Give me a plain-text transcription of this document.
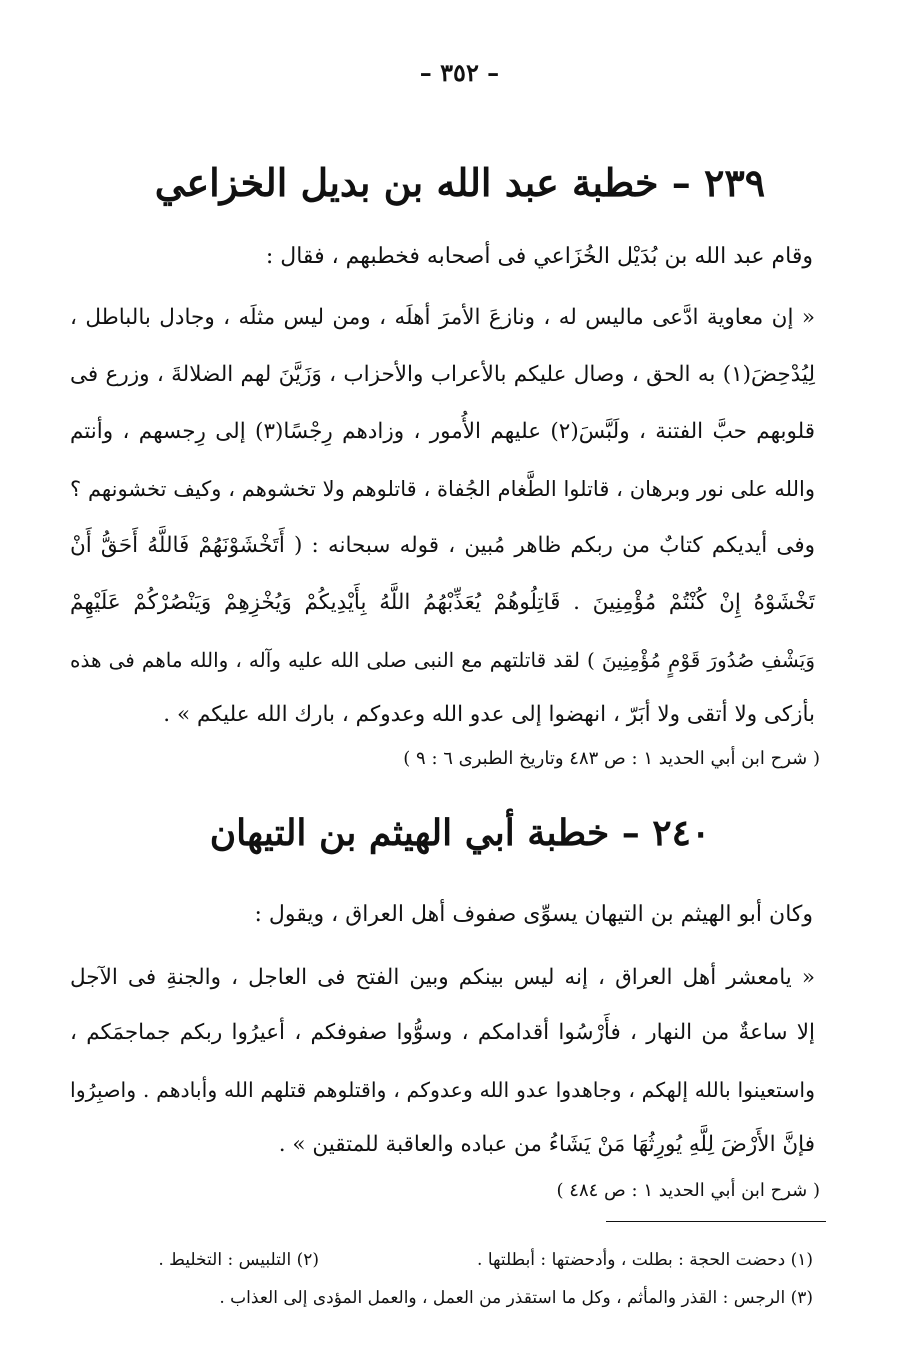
– ٣٥٢ –
٢٣٩ – خطبة عبد الله بن بديل الخزاعي
وقام عبد الله بن بُدَيْل الخُزَاعي فى أصحابه فخطبهم ، فقال :
« إن معاوية ادَّعى ماليس له ، ونازعَ الأمرَ أهلَه ، ومن ليس مثلَه ، وجادل بالباطل ،
لِيُدْحِضَ(١) به الحق ، وصال عليكم بالأعراب والأحزاب ، وَزَيَّنَ لهم الضلالةَ ، وزرع فى
قلوبهم حبَّ الفتنة ، ولَبَّسَ(٢) عليهم الأُمور ، وزادهم رِجْسًا(٣) إلى رِجسهم ، وأنتم
والله على نور وبرهان ، قاتلوا الطَّغام الجُفاة ، قاتلوهم ولا تخشوهم ، وكيف تخشونهم ؟
وفى أيديكم كتابٌ من ربكم ظاهر مُبين ، قوله سبحانه : ( أَتَخْشَوْنَهُمْ فَاللَّهُ أَحَقُّ أَنْ
تَخْشَوْهُ إِنْ كُنْتُمْ مُؤْمِنِينَ . قَاتِلُوهُمْ يُعَذِّبْهُمُ اللَّهُ بِأَيْدِيكُمْ وَيُخْزِهِمْ وَيَنْصُرْكُمْ عَلَيْهِمْ
وَيَشْفِ صُدُورَ قَوْمٍ مُؤْمِنِينَ ) لقد قاتلتهم مع النبى صلى الله عليه وآله ، والله ماهم فى هذه
بأزكى ولا أتقى ولا أبَرّ ، انهضوا إلى عدو الله وعدوكم ، بارك الله عليكم » .
( شرح ابن أبي الحديد ١ : ص ٤٨٣ وتاريخ الطبرى ٦ : ٩ )
٢٤٠ – خطبة أبي الهيثم بن التيهان
وكان أبو الهيثم بن التيهان يسوِّى صفوف أهل العراق ، ويقول :
« يامعشر أهل العراق ، إنه ليس بينكم وبين الفتح فى العاجل ، والجنةِ فى الآجل
إلا ساعةٌ من النهار ، فأَرْسُوا أقدامكم ، وسوُّوا صفوفكم ، أعيرُوا ربكم جماجمَكم ،
واستعينوا بالله إلهكم ، وجاهدوا عدو الله وعدوكم ، واقتلوهم قتلهم الله وأبادهم . واصبِرُوا
فإنَّ الأَرْضَ لِلَّهِ يُورِثُهَا مَنْ يَشَاءُ من عباده والعاقبة للمتقين » .
( شرح ابن أبي الحديد ١ : ص ٤٨٤ )
(١) دحضت الحجة : بطلت ، وأدحضتها : أبطلتها .
(٢) التلبيس : التخليط .
(٣) الرجس : القذر والمأثم ، وكل ما استقذر من العمل ، والعمل المؤدى إلى العذاب .
